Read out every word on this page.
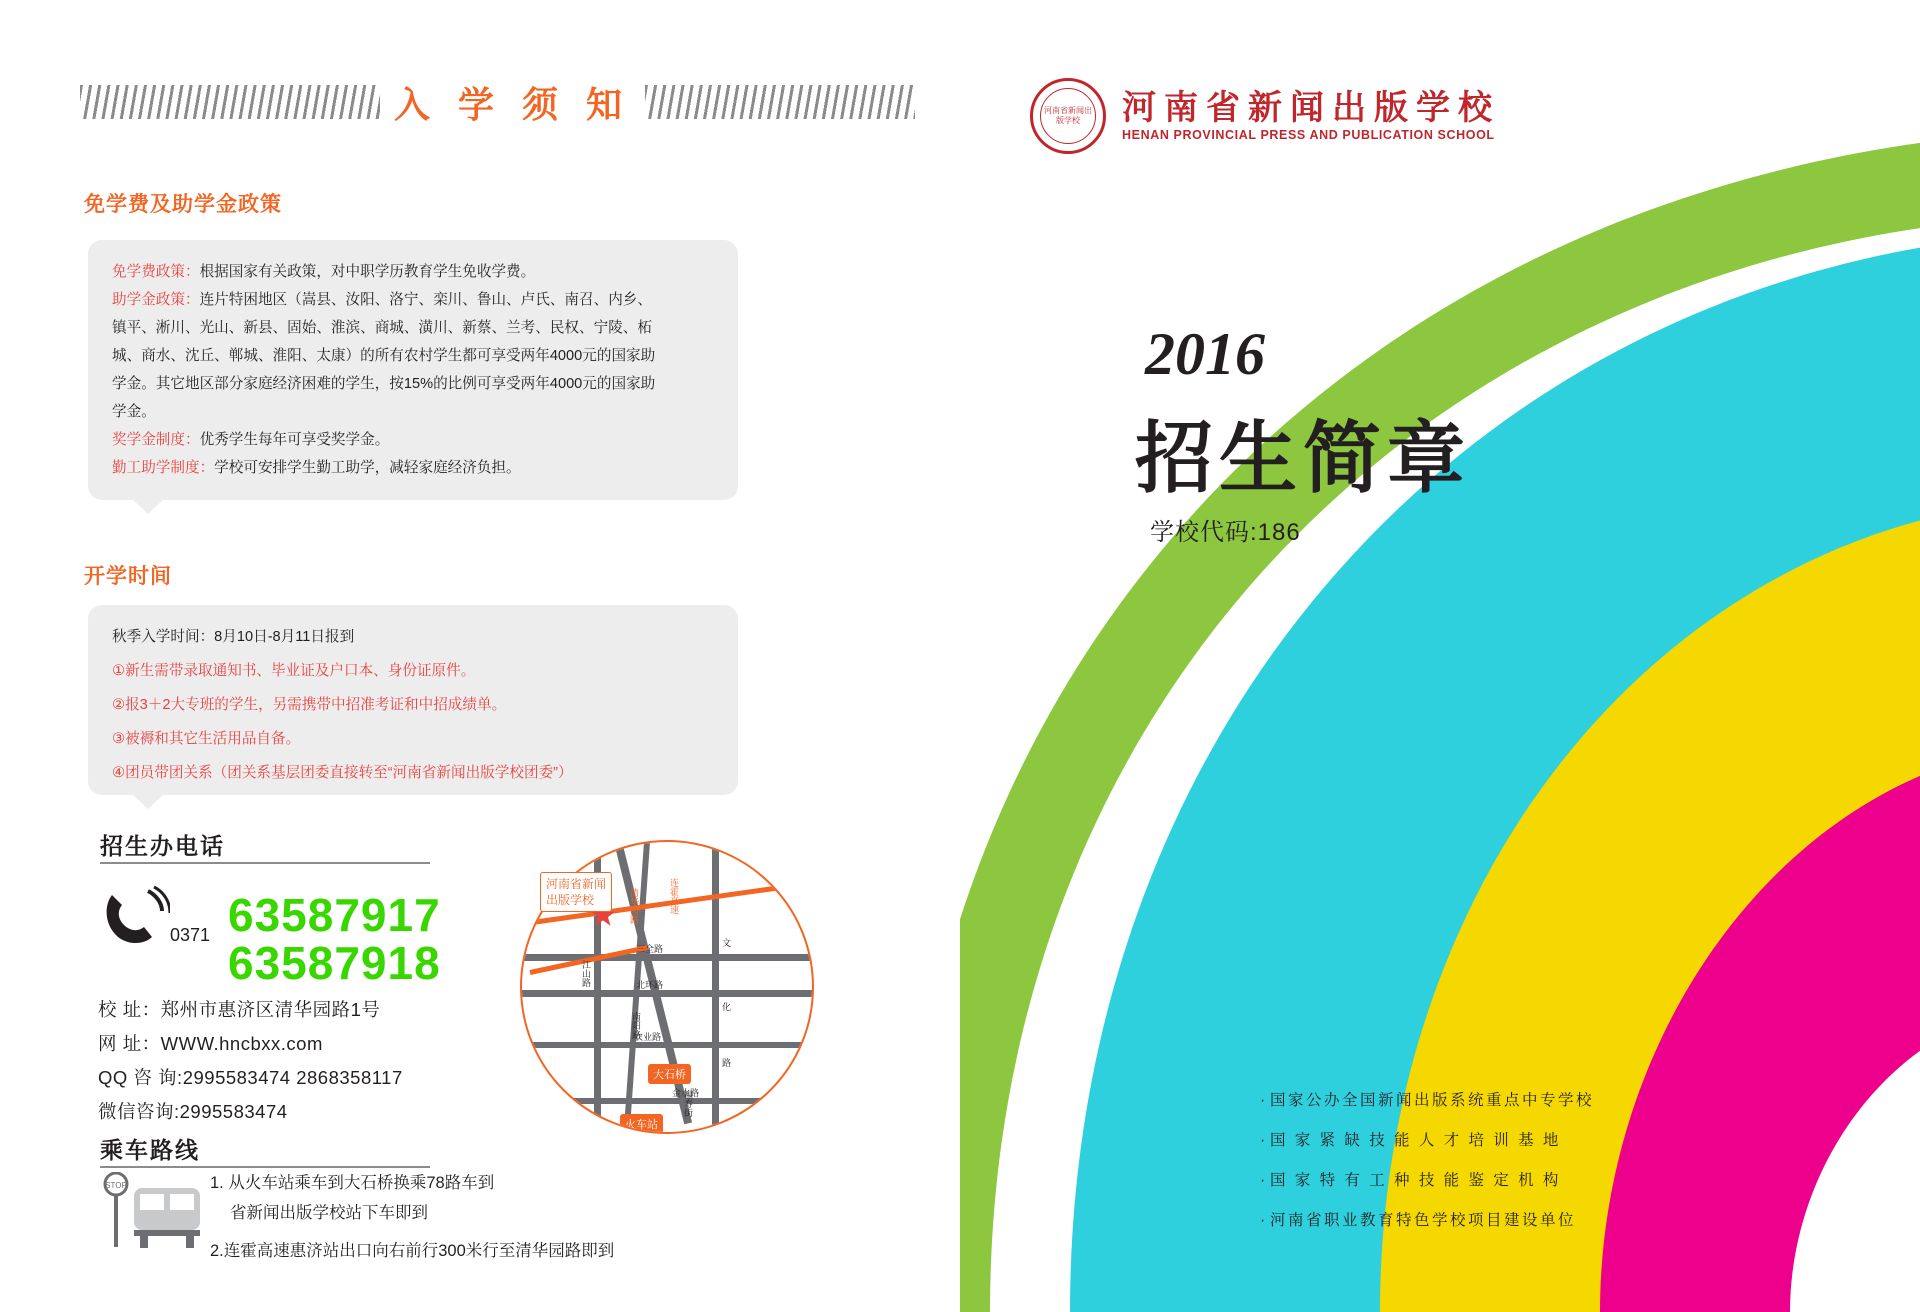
入 学 须 知
免学费及助学金政策

免学费政策：根据国家有关政策，对中职学历教育学生免收学费。

助学金政策：连片特困地区（嵩县、汝阳、洛宁、栾川、鲁山、卢氏、南召、内乡、

镇平、淅川、光山、新县、固始、淮滨、商城、潢川、新蔡、兰考、民权、宁陵、柘

城、商水、沈丘、郸城、淮阳、太康）的所有农村学生都可享受两年4000元的国家助

学金。其它地区部分家庭经济困难的学生，按15%的比例可享受两年4000元的国家助

学金。

奖学金制度：优秀学生每年可享受奖学金。

勤工助学制度：学校可安排学生勤工助学，减轻家庭经济负担。

开学时间

秋季入学时间：8月10日-8月11日报到

①新生需带录取通知书、毕业证及户口本、身份证原件。

②报3＋2大专班的学生，另需携带中招准考证和中招成绩单。

③被褥和其它生活用品自备。

④团员带团关系（团关系基层团委直接转至“河南省新闻出版学校团委”）

招生办电话
0371 63587917
63587918
校 址：郑州市惠济区清华园路1号
网 址：WWW.hncbxx.com
QQ 咨 询:2995583474 2868358117
微信咨询:2995583474
乘车路线
STOP	1. 从火车站乘车到大石桥换乘78路车到
省新闻出版学校站下车即到
2.连霍高速惠济站出口向右前行300米行至清华园路即到
清华园路	连霍高速
三全路
北环路
农业路
金水路
江山路
南阳路
文
化
路
福寿街
大石桥
火车站
河南省新闻
出版学校
河南省新闻出版学校	河南省新闻出版学校
HENAN PROVINCIAL PRESS AND PUBLICATION SCHOOL
2016
招生简章
学校代码:186
· 国家公办全国新闻出版系统重点中专学校
· 国 家 紧 缺 技 能 人 才 培 训 基 地
· 国 家 特 有 工 种 技 能 鉴 定 机 构
· 河南省职业教育特色学校项目建设单位
